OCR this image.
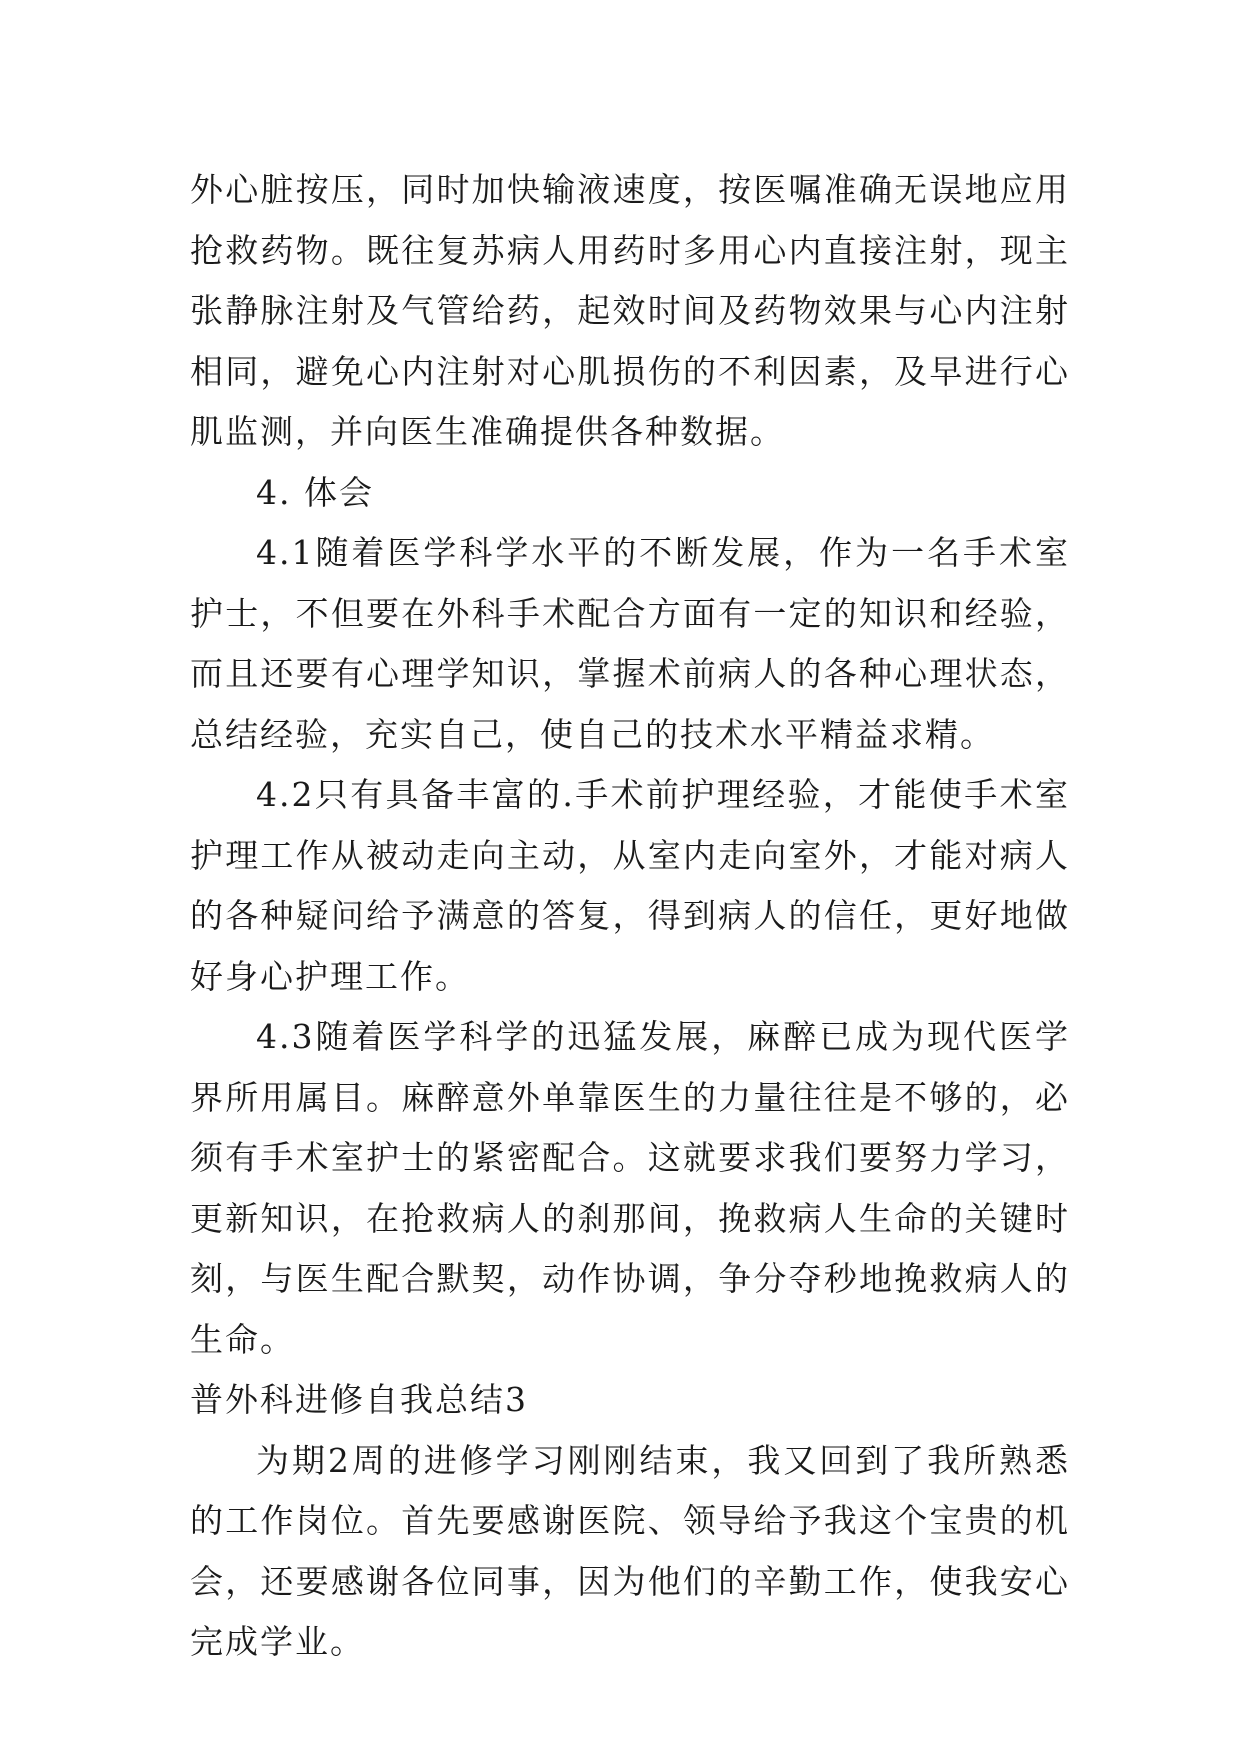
外心脏按压，同时加快输液速度，按医嘱准确无误地应用抢救药物。既往复苏病人用药时多用心内直接注射，现主张静脉注射及气管给药，起效时间及药物效果与心内注射相同，避免心内注射对心肌损伤的不利因素，及早进行心肌监测，并向医生准确提供各种数据。

4. 体会

4.1随着医学科学水平的不断发展，作为一名手术室护士，不但要在外科手术配合方面有一定的知识和经验，而且还要有心理学知识，掌握术前病人的各种心理状态，总结经验，充实自己，使自己的技术水平精益求精。

4.2只有具备丰富的.手术前护理经验，才能使手术室护理工作从被动走向主动，从室内走向室外，才能对病人的各种疑问给予满意的答复，得到病人的信任，更好地做好身心护理工作。

4.3随着医学科学的迅猛发展，麻醉已成为现代医学界所用属目。麻醉意外单靠医生的力量往往是不够的，必须有手术室护士的紧密配合。这就要求我们要努力学习，更新知识，在抢救病人的刹那间，挽救病人生命的关键时刻，与医生配合默契，动作协调，争分夺秒地挽救病人的生命。

普外科进修自我总结3

为期2周的进修学习刚刚结束，我又回到了我所熟悉的工作岗位。首先要感谢医院、领导给予我这个宝贵的机会，还要感谢各位同事，因为他们的辛勤工作，使我安心完成学业。
